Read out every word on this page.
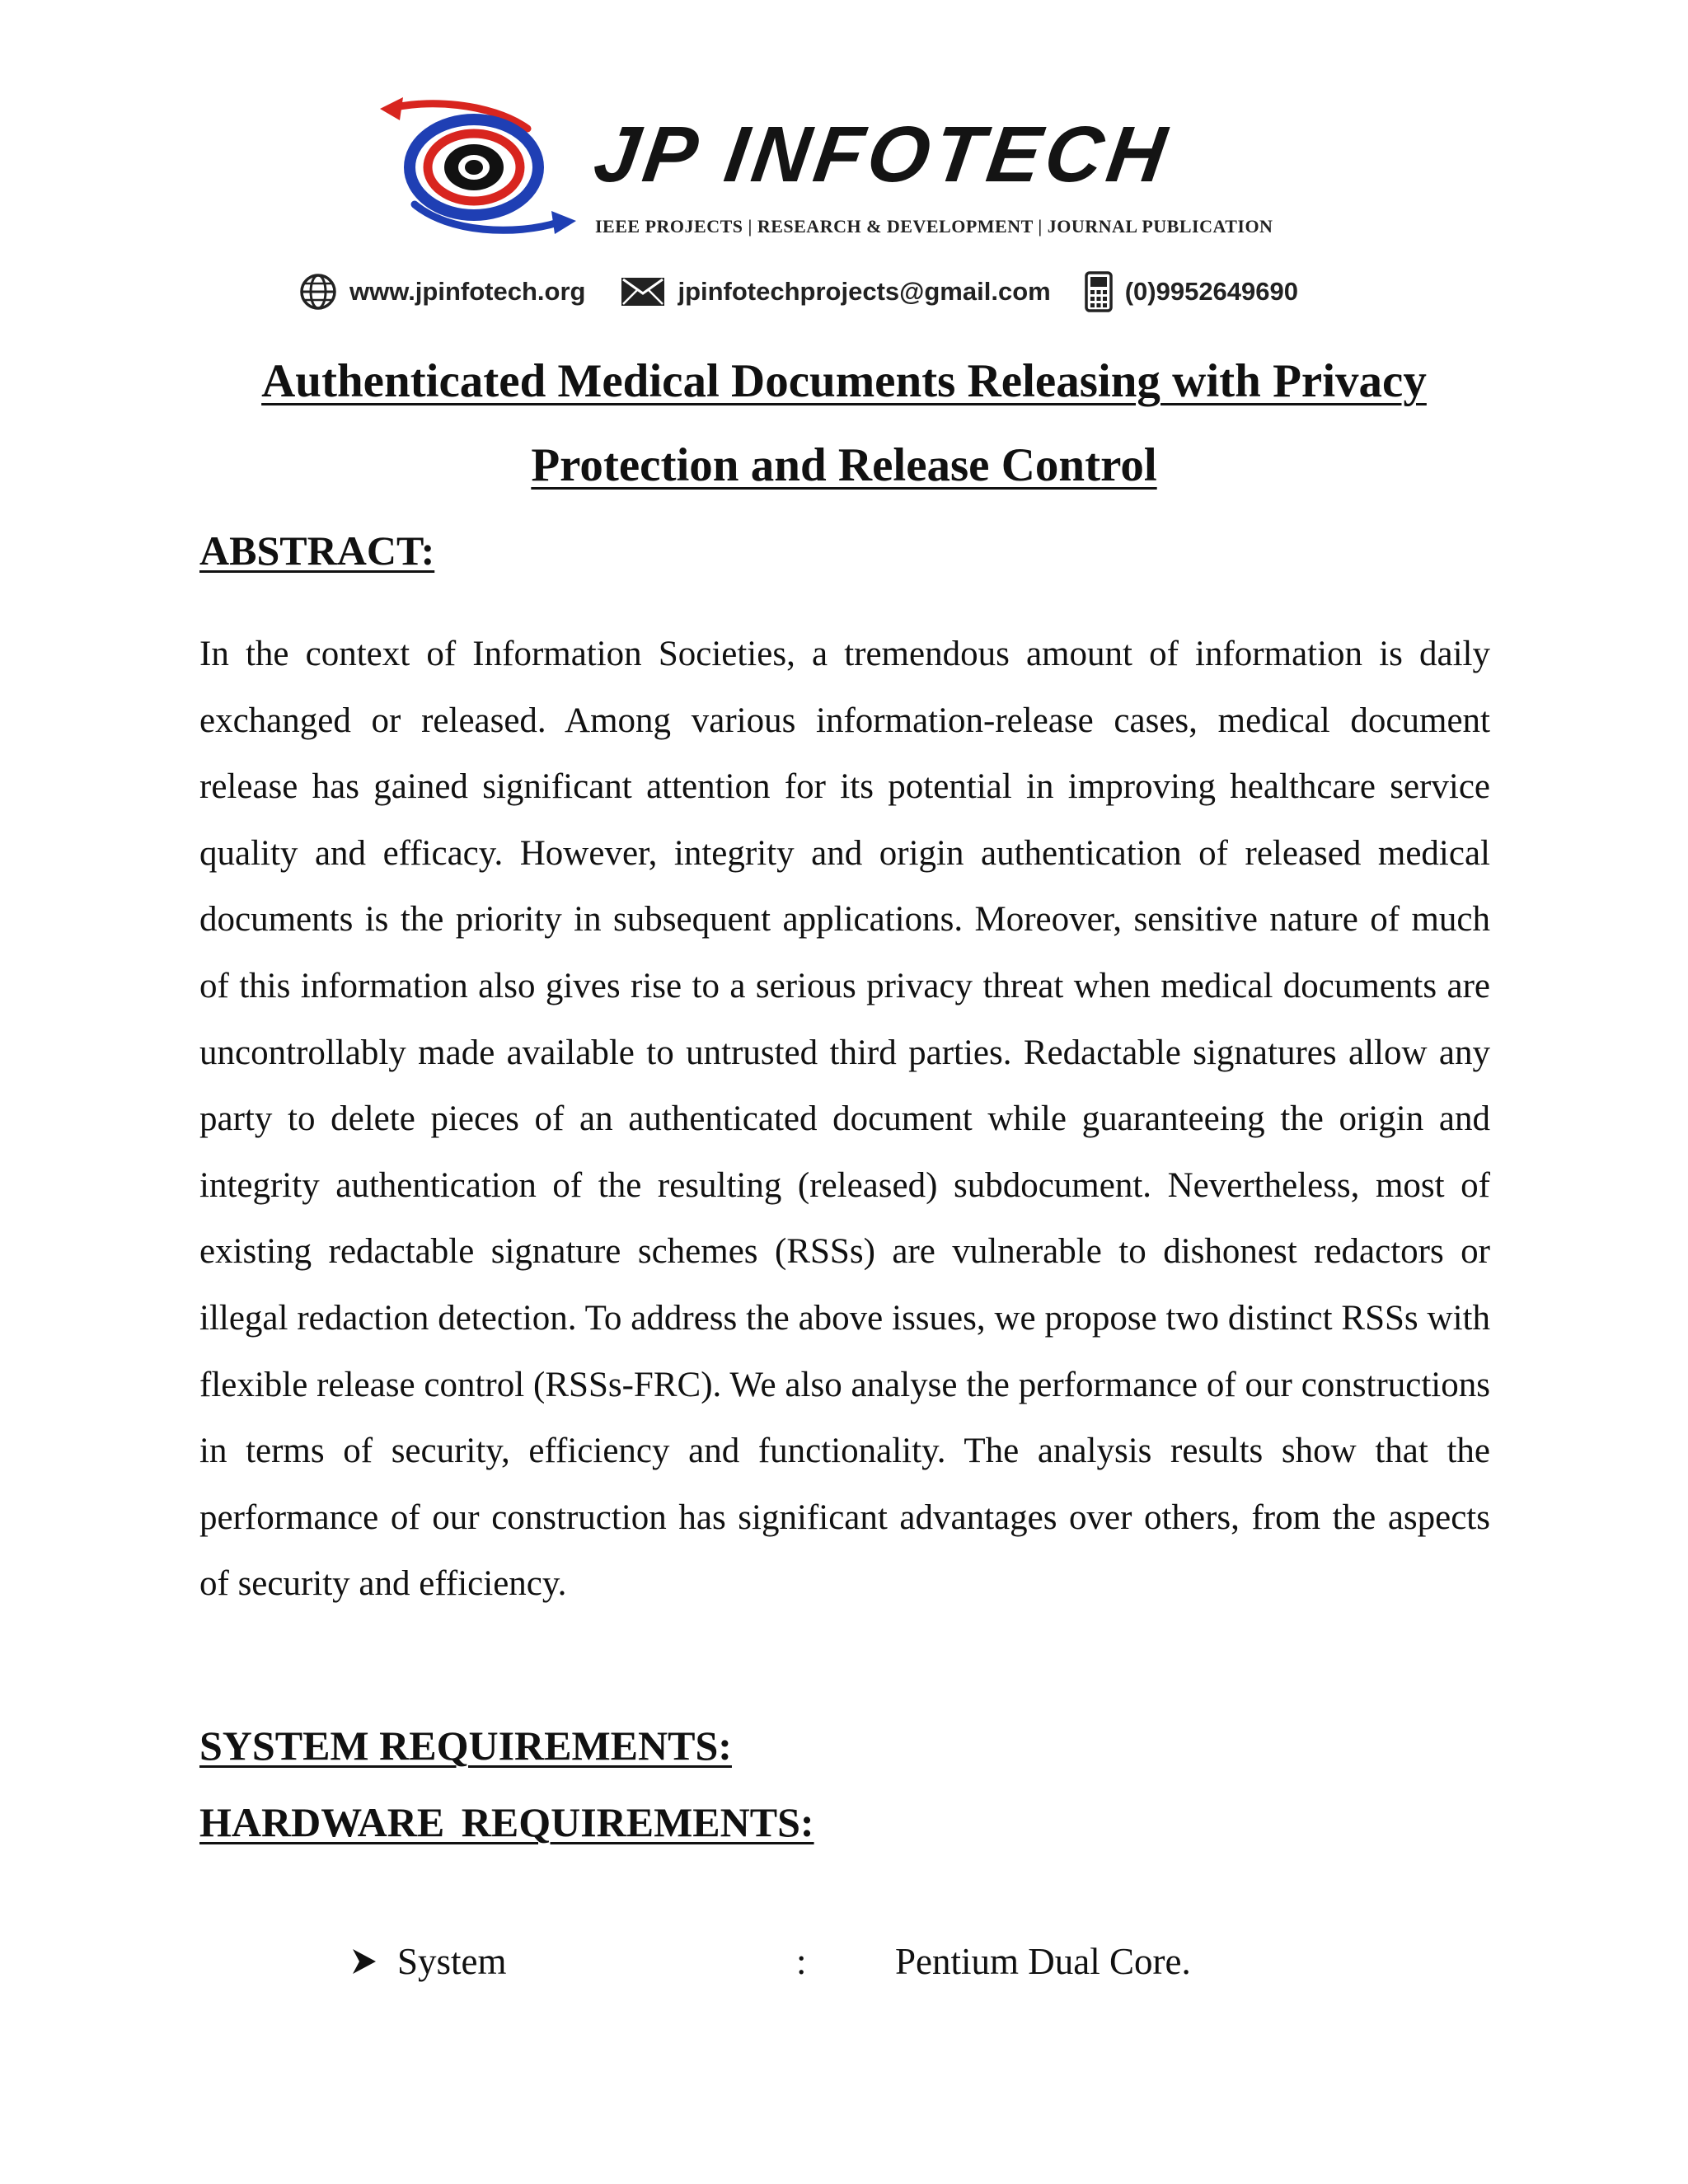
JP INFOTECH
IEEE PROJECTS | RESEARCH & DEVELOPMENT | JOURNAL PUBLICATION
www.jpinfotech.org	jpinfotechprojects@gmail.com	(0)9952649690
Authenticated Medical Documents Releasing with Privacy
Protection and Release Control
ABSTRACT:

In the context of Information Societies, a tremendous amount of information is daily exchanged or released. Among various information-release cases, medical document release has gained significant attention for its potential in improving healthcare service quality and efficacy. However, integrity and origin authentication of released medical documents is the priority in subsequent applications. Moreover, sensitive nature of much of this information also gives rise to a serious privacy threat when medical documents are uncontrollably made available to untrusted third parties. Redactable signatures allow any party to delete pieces of an authenticated document while guaranteeing the origin and integrity authentication of the resulting (released) subdocument. Nevertheless, most of existing redactable signature schemes (RSSs) are vulnerable to dishonest redactors or illegal redaction detection. To address the above issues, we propose two distinct RSSs with flexible release control (RSSs-FRC). We also analyse the performance of our constructions in terms of security, efficiency and functionality. The analysis results show that the performance of our construction has significant advantages over others, from the aspects of security and efficiency.

SYSTEM REQUIREMENTS:
HARDWARE REQUIREMENTS:
System	: Pentium Dual Core.
